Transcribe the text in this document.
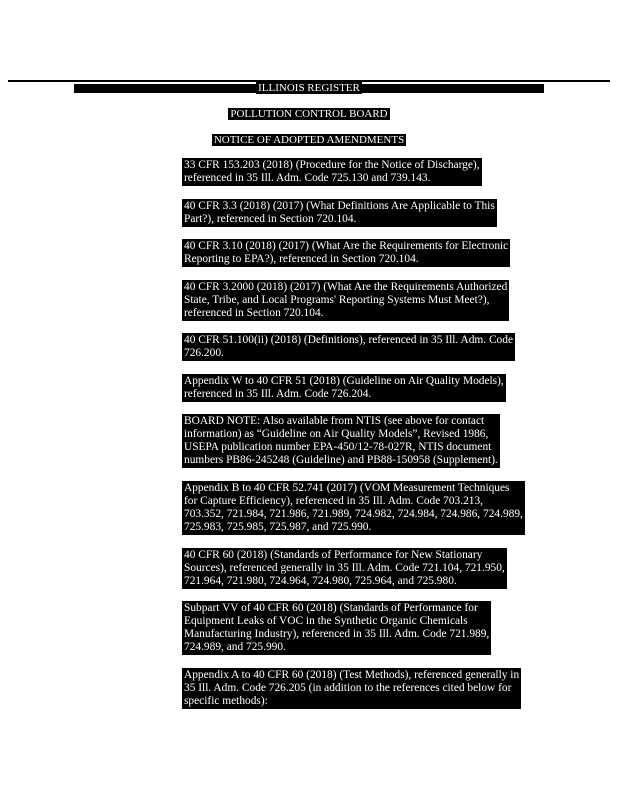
ILLINOIS REGISTER
POLLUTION CONTROL BOARD
NOTICE OF ADOPTED AMENDMENTS
33 CFR 153.203 (2018) (Procedure for the Notice of Discharge),
referenced in 35 Ill. Adm. Code 725.130 and 739.143.
40 CFR 3.3 (2018) (2017) (What Definitions Are Applicable to This
Part?), referenced in Section 720.104.
40 CFR 3.10 (2018) (2017) (What Are the Requirements for Electronic
Reporting to EPA?), referenced in Section 720.104.
40 CFR 3.2000 (2018) (2017) (What Are the Requirements Authorized
State, Tribe, and Local Programs' Reporting Systems Must Meet?),
referenced in Section 720.104.
40 CFR 51.100(ii) (2018) (Definitions), referenced in 35 Ill. Adm. Code
726.200.
Appendix W to 40 CFR 51 (2018) (Guideline on Air Quality Models),
referenced in 35 Ill. Adm. Code 726.204.
BOARD NOTE: Also available from NTIS (see above for contact
information) as “Guideline on Air Quality Models”, Revised 1986,
USEPA publication number EPA-450/12-78-027R, NTIS document
numbers PB86-245248 (Guideline) and PB88-150958 (Supplement).
Appendix B to 40 CFR 52.741 (2017) (VOM Measurement Techniques
for Capture Efficiency), referenced in 35 Ill. Adm. Code 703.213,
703.352, 721.984, 721.986, 721.989, 724.982, 724.984, 724.986, 724.989,
725.983, 725.985, 725.987, and 725.990.
40 CFR 60 (2018) (Standards of Performance for New Stationary
Sources), referenced generally in 35 Ill. Adm. Code 721.104, 721.950,
721.964, 721.980, 724.964, 724.980, 725.964, and 725.980.
Subpart VV of 40 CFR 60 (2018) (Standards of Performance for
Equipment Leaks of VOC in the Synthetic Organic Chemicals
Manufacturing Industry), referenced in 35 Ill. Adm. Code 721.989,
724.989, and 725.990.
Appendix A to 40 CFR 60 (2018) (Test Methods), referenced generally in
35 Ill. Adm. Code 726.205 (in addition to the references cited below for
specific methods):
